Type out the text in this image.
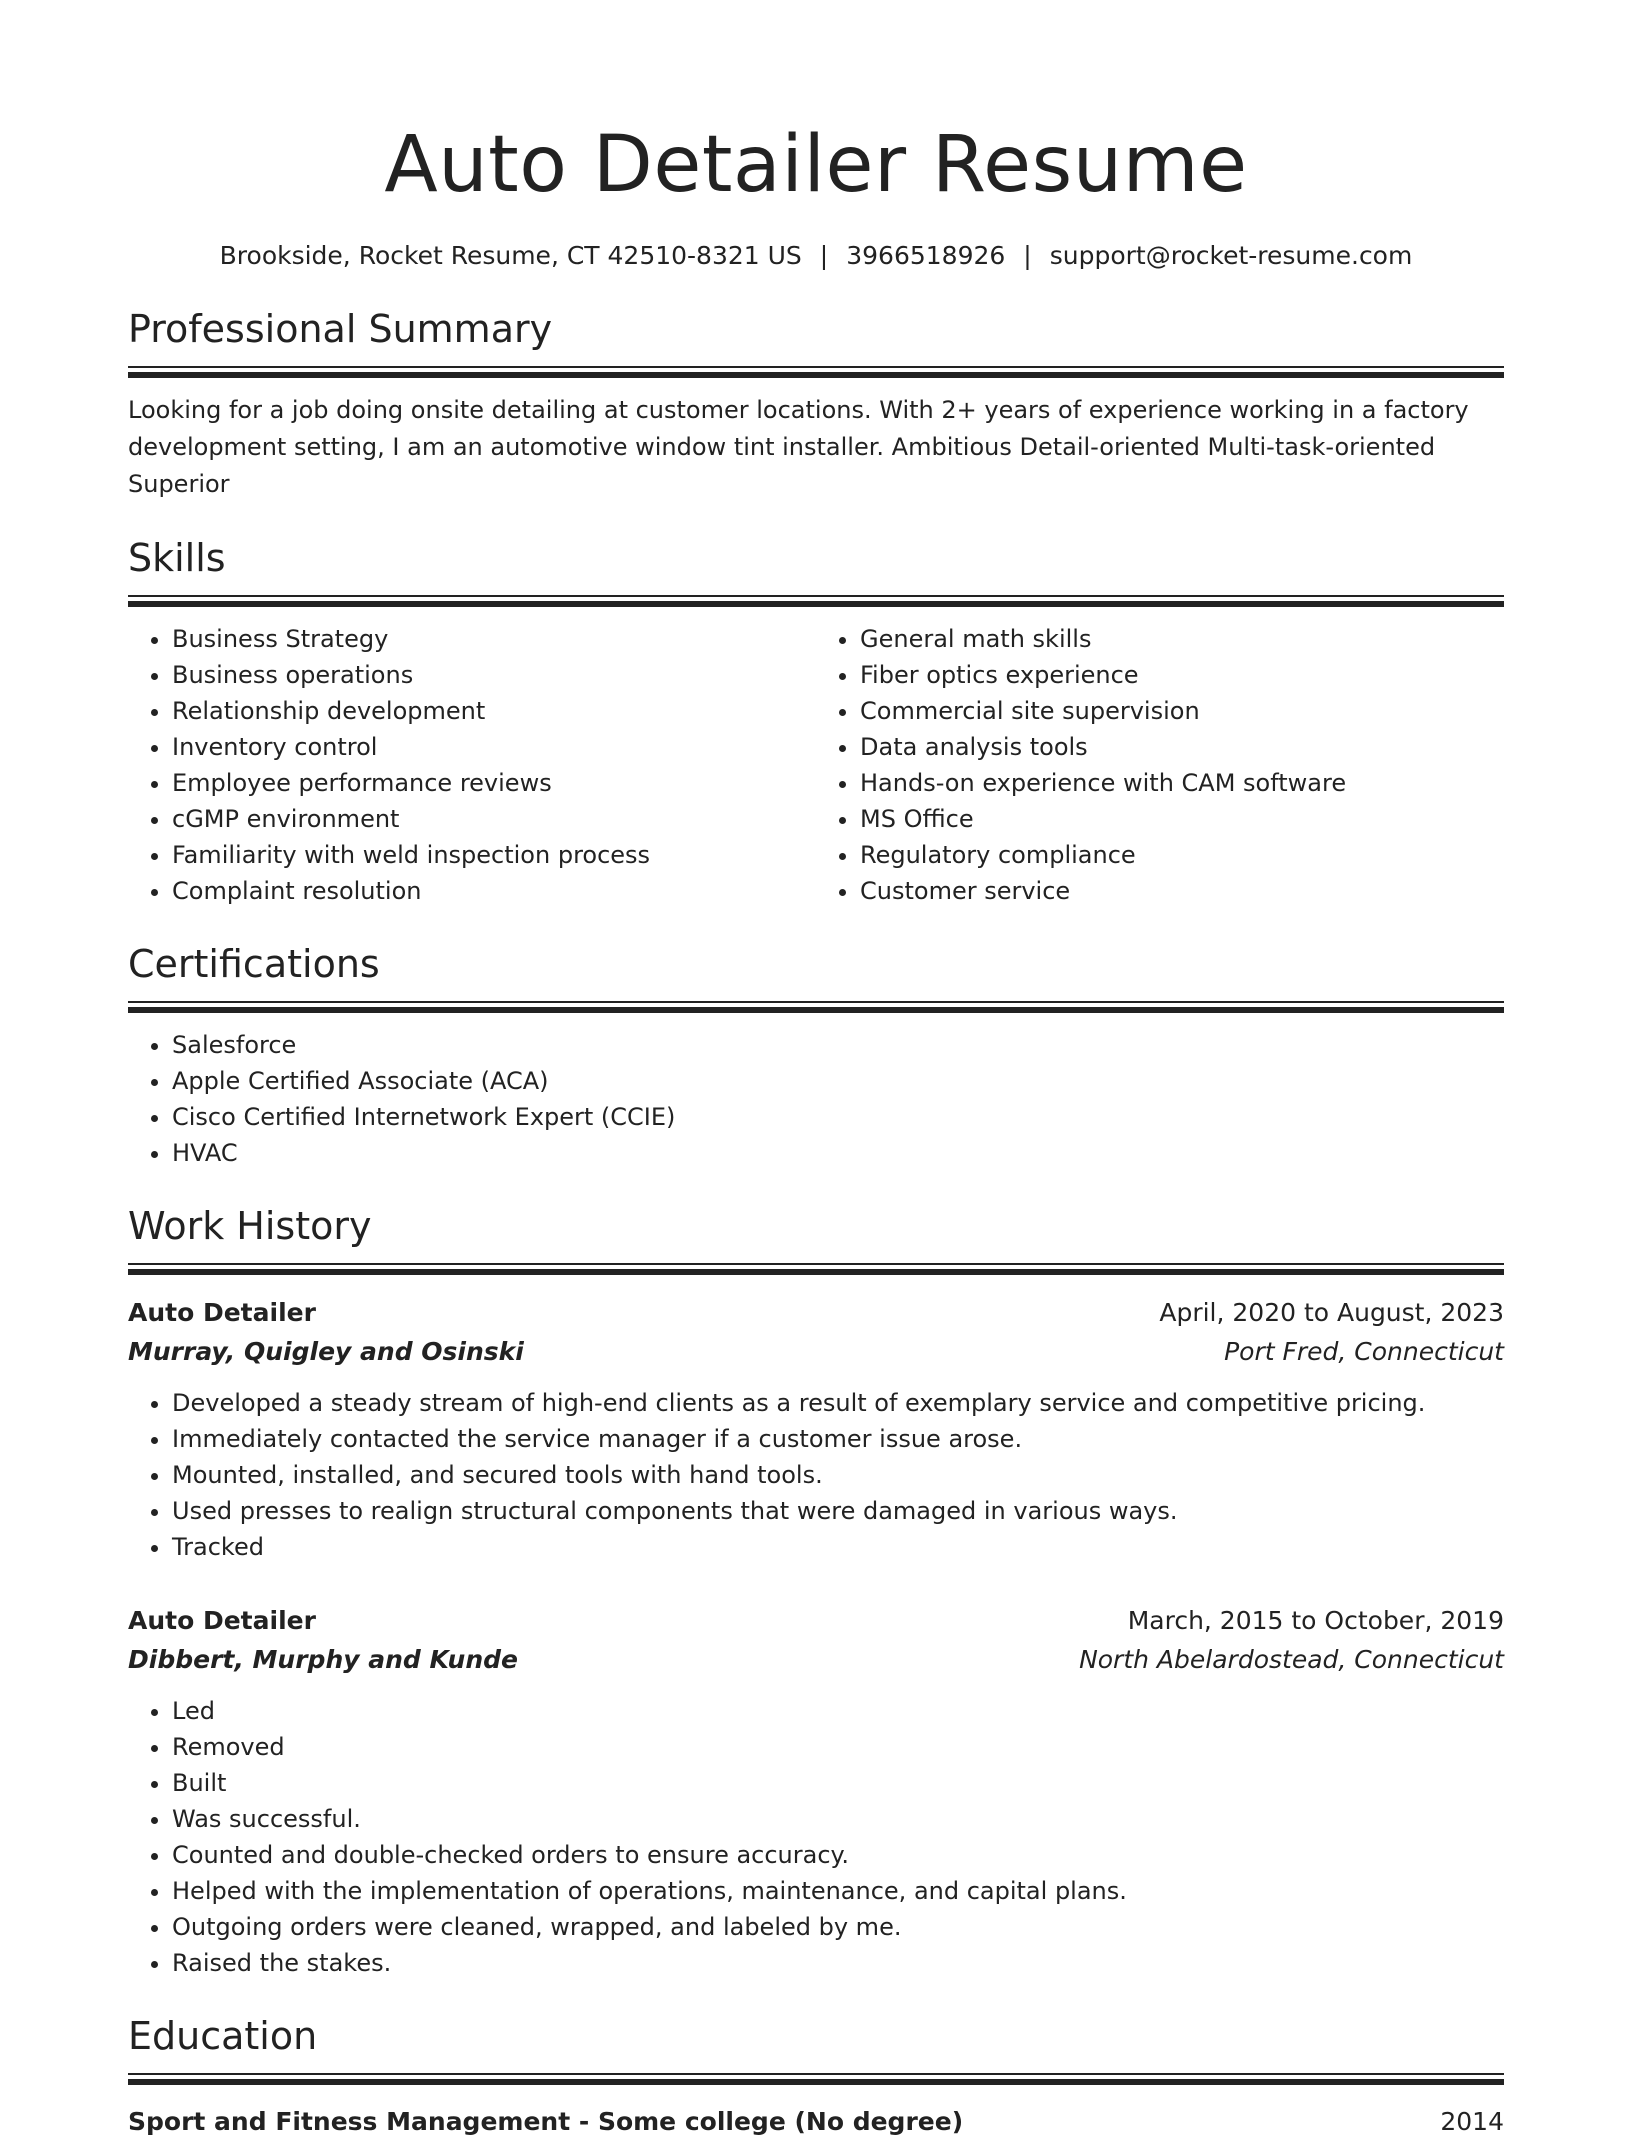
Auto Detailer Resume
Brookside, Rocket Resume, CT 42510-8321 US | 3966518926 | support@rocket-resume.com
Professional Summary
Looking for a job doing onsite detailing at customer locations. With 2+ years of experience working in a factory development setting, I am an automotive window tint installer. Ambitious Detail-oriented Multi-task-oriented Superior
Skills
• Business Strategy
• Business operations
• Relationship development
• Inventory control
• Employee performance reviews
• cGMP environment
• Familiarity with weld inspection process
• Complaint resolution
• General math skills
• Fiber optics experience
• Commercial site supervision
• Data analysis tools
• Hands-on experience with CAM software
• MS Office
• Regulatory compliance
• Customer service
Certifications
• Salesforce
• Apple Certified Associate (ACA)
• Cisco Certified Internetwork Expert (CCIE)
• HVAC
Work History
Auto Detailer	April, 2020 to August, 2023
Murray, Quigley and Osinski	Port Fred, Connecticut
• Developed a steady stream of high-end clients as a result of exemplary service and competitive pricing.
• Immediately contacted the service manager if a customer issue arose.
• Mounted, installed, and secured tools with hand tools.
• Used presses to realign structural components that were damaged in various ways.
• Tracked
Auto Detailer	March, 2015 to October, 2019
Dibbert, Murphy and Kunde	North Abelardostead, Connecticut
• Led
• Removed
• Built
• Was successful.
• Counted and double-checked orders to ensure accuracy.
• Helped with the implementation of operations, maintenance, and capital plans.
• Outgoing orders were cleaned, wrapped, and labeled by me.
• Raised the stakes.
Education
Sport and Fitness Management - Some college (No degree)	2014
